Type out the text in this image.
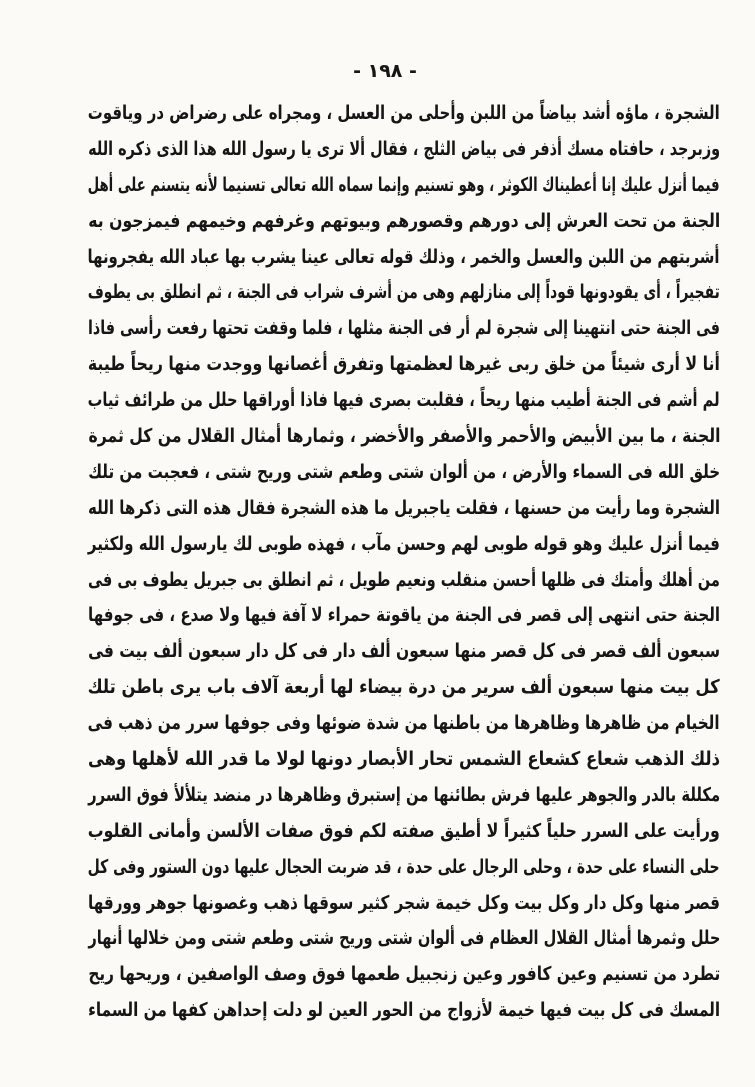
- ١٩٨ -
الشجرة ، ماؤه أشد بياضاً من اللبن وأحلى من العسل ، ومجراه على رضراض در وياقوت
وزبرجد ، حافتاه مسك أذفر فى بياض الثلج ، فقال ألا ترى يا رسول الله هذا الذى ذكره الله
فيما أنزل عليك إنا أعطيناك الكوثر ، وهو تسنيم وإنما سماه الله تعالى تسنيما لأنه يتسنم على أهل
الجنة من تحت العرش إلى دورهم وقصورهم وبيوتهم وغرفهم وخيمهم فيمزجون به
أشربتهم من اللبن والعسل والخمر ، وذلك قوله تعالى عينا يشرب بها عباد الله يفجرونها
تفجيراً ، أى يقودونها قوداً إلى منازلهم وهى من أشرف شراب فى الجنة ، ثم انطلق بى يطوف
فى الجنة حتى انتهينا إلى شجرة لم أر فى الجنة مثلها ، فلما وقفت تحتها رفعت رأسى فاذا
أنا لا أرى شيئاً من خلق ربى غيرها لعظمتها وتفرق أغصانها ووجدت منها ريحاً طيبة
لم أشم فى الجنة أطيب منها ريحاً ، فقلبت بصرى فيها فاذا أوراقها حلل من طرائف ثياب
الجنة ، ما بين الأبيض والأحمر والأصفر والأخضر ، وثمارها أمثال القلال من كل ثمرة
خلق الله فى السماء والأرض ، من ألوان شتى وطعم شتى وريح شتى ، فعجبت من تلك
الشجرة وما رأيت من حسنها ، فقلت ياجبريل ما هذه الشجرة فقال هذه التى ذكرها الله
فيما أنزل عليك وهو قوله طوبى لهم وحسن مآب ، فهذه طوبى لك يارسول الله ولكثير
من أهلك وأمتك فى ظلها أحسن منقلب ونعيم طويل ، ثم انطلق بى جبريل يطوف بى فى
الجنة حتى انتهى إلى قصر فى الجنة من ياقوتة حمراء لا آفة فيها ولا صدع ، فى جوفها
سبعون ألف قصر فى كل قصر منها سبعون ألف دار فى كل دار سبعون ألف بيت فى
كل بيت منها سبعون ألف سرير من درة بيضاء لها أربعة آلاف باب يرى باطن تلك
الخيام من ظاهرها وظاهرها من باطنها من شدة ضوئها وفى جوفها سرر من ذهب فى
ذلك الذهب شعاع كشعاع الشمس تحار الأبصار دونها لولا ما قدر الله لأهلها وهى
مكللة بالدر والجوهر عليها فرش بطائنها من إستبرق وظاهرها در منضد يتلألأ فوق السرر
ورأيت على السرر حلياً كثيراً لا أطيق صفته لكم فوق صفات الألسن وأمانى القلوب
حلى النساء على حدة ، وحلى الرجال على حدة ، قد ضربت الحجال عليها دون الستور وفى كل
قصر منها وكل دار وكل بيت وكل خيمة شجر كثير سوقها ذهب وغصونها جوهر وورقها
حلل وثمرها أمثال القلال العظام فى ألوان شتى وريح شتى وطعم شتى ومن خلالها أنهار
تطرد من تسنيم وعين كافور وعين زنجبيل طعمها فوق وصف الواصفين ، وريحها ريح
المسك فى كل بيت فيها خيمة لأزواج من الحور العين لو دلت إحداهن كفها من السماء
